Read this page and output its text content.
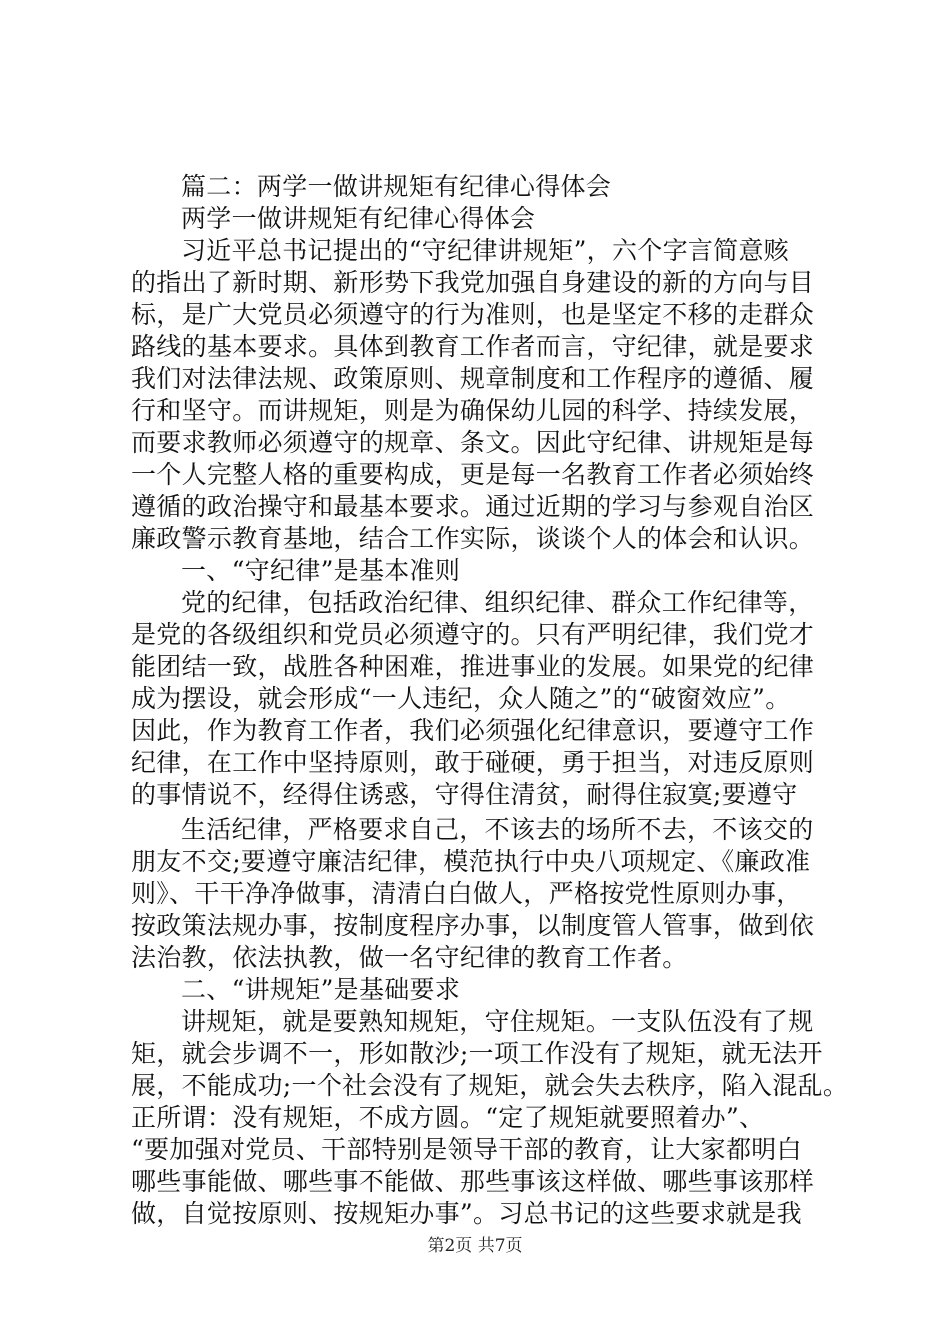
篇二：两学一做讲规矩有纪律心得体会
两学一做讲规矩有纪律心得体会
习近平总书记提出的“守纪律讲规矩”，六个字言简意赅
的指出了新时期、新形势下我党加强自身建设的新的方向与目
标，是广大党员必须遵守的行为准则，也是坚定不移的走群众
路线的基本要求。具体到教育工作者而言，守纪律，就是要求
我们对法律法规、政策原则、规章制度和工作程序的遵循、履
行和坚守。而讲规矩，则是为确保幼儿园的科学、持续发展，
而要求教师必须遵守的规章、条文。因此守纪律、讲规矩是每
一个人完整人格的重要构成，更是每一名教育工作者必须始终
遵循的政治操守和最基本要求。通过近期的学习与参观自治区
廉政警示教育基地，结合工作实际，谈谈个人的体会和认识。
一、“守纪律”是基本准则
党的纪律，包括政治纪律、组织纪律、群众工作纪律等，
是党的各级组织和党员必须遵守的。只有严明纪律，我们党才
能团结一致，战胜各种困难，推进事业的发展。如果党的纪律
成为摆设，就会形成“一人违纪，众人随之”的“破窗效应”。
因此，作为教育工作者，我们必须强化纪律意识，要遵守工作
纪律，在工作中坚持原则，敢于碰硬，勇于担当，对违反原则
的事情说不，经得住诱惑，守得住清贫，耐得住寂寞;要遵守
生活纪律，严格要求自己，不该去的场所不去，不该交的
朋友不交;要遵守廉洁纪律，模范执行中央八项规定、《廉政准
则》、干干净净做事，清清白白做人，严格按党性原则办事，
按政策法规办事，按制度程序办事，以制度管人管事，做到依
法治教，依法执教，做一名守纪律的教育工作者。
二、“讲规矩”是基础要求
讲规矩，就是要熟知规矩，守住规矩。一支队伍没有了规
矩，就会步调不一，形如散沙;一项工作没有了规矩，就无法开
展，不能成功;一个社会没有了规矩，就会失去秩序，陷入混乱。
正所谓：没有规矩，不成方圆。“定了规矩就要照着办”、
“要加强对党员、干部特别是领导干部的教育，让大家都明白
哪些事能做、哪些事不能做、那些事该这样做、哪些事该那样
做，自觉按原则、按规矩办事”。习总书记的这些要求就是我
第2页 共7页
